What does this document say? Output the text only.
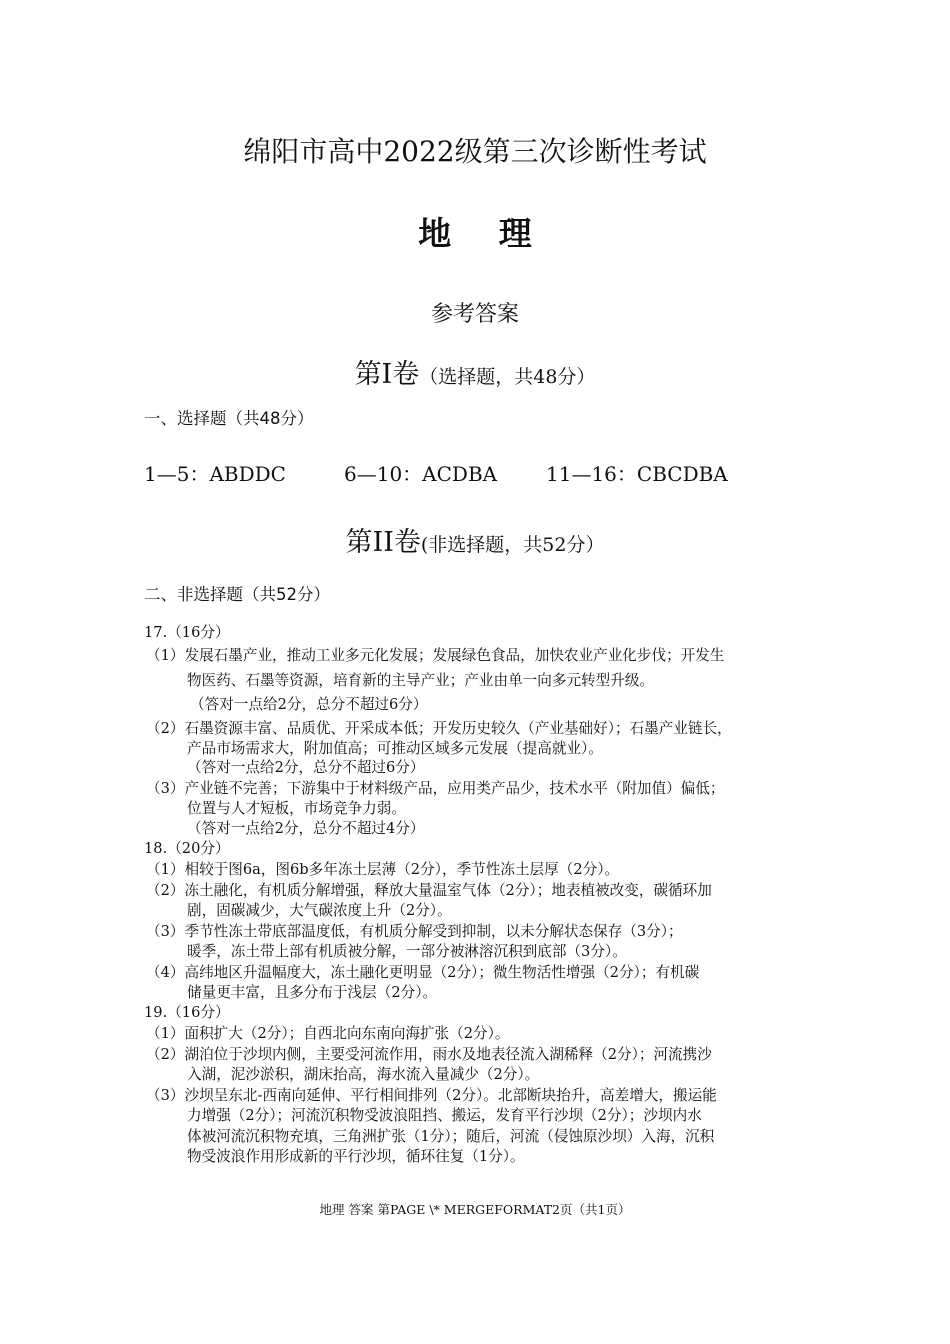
绵阳市高中2022级第三次诊断性考试
地 理
参考答案
第I卷（选择题，共48分）
一、选择题（共48分）
1—5：ABDDC	6—10：ACDBA 11—16：CBCDBA
第II卷(非选择题，共52分）
二、非选择题（共52分）
17.（16分）
（1）发展石墨产业，推动工业多元化发展；发展绿色食品，加快农业产业化步伐；开发生
物医药、石墨等资源，培育新的主导产业；产业由单一向多元转型升级。
（答对一点给2分，总分不超过6分）
（2）石墨资源丰富、品质优、开采成本低；开发历史较久（产业基础好）；石墨产业链长，
产品市场需求大，附加值高；可推动区域多元发展（提高就业）。
（答对一点给2分，总分不超过6分）
（3）产业链不完善；下游集中于材料级产品，应用类产品少，技术水平（附加值）偏低；
位置与人才短板，市场竞争力弱。
（答对一点给2分，总分不超过4分）
18.（20分）
（1）相较于图6a，图6b多年冻土层薄（2分），季节性冻土层厚（2分）。
（2）冻土融化，有机质分解增强，释放大量温室气体（2分）；地表植被改变，碳循环加
剧，固碳减少，大气碳浓度上升（2分）。
（3）季节性冻土带底部温度低，有机质分解受到抑制，以未分解状态保存（3分）；
暖季，冻土带上部有机质被分解，一部分被淋溶沉积到底部（3分）。
（4）高纬地区升温幅度大，冻土融化更明显（2分）；微生物活性增强（2分）；有机碳
储量更丰富，且多分布于浅层（2分）。
19.（16分）
（1）面积扩大（2分）；自西北向东南向海扩张（2分）。
（2）湖泊位于沙坝内侧，主要受河流作用，雨水及地表径流入湖稀释（2分）；河流携沙
入湖，泥沙淤积，湖床抬高，海水流入量减少（2分）。
（3）沙坝呈东北-西南向延伸、平行相间排列（2分）。北部断块抬升，高差增大，搬运能
力增强（2分）；河流沉积物受波浪阻挡、搬运，发育平行沙坝（2分）；沙坝内水
体被河流沉积物充填，三角洲扩张（1分）；随后，河流（侵蚀原沙坝）入海，沉积
物受波浪作用形成新的平行沙坝，循环往复（1分）。
地理 答案 第PAGE \* MERGEFORMAT2页（共1页）
